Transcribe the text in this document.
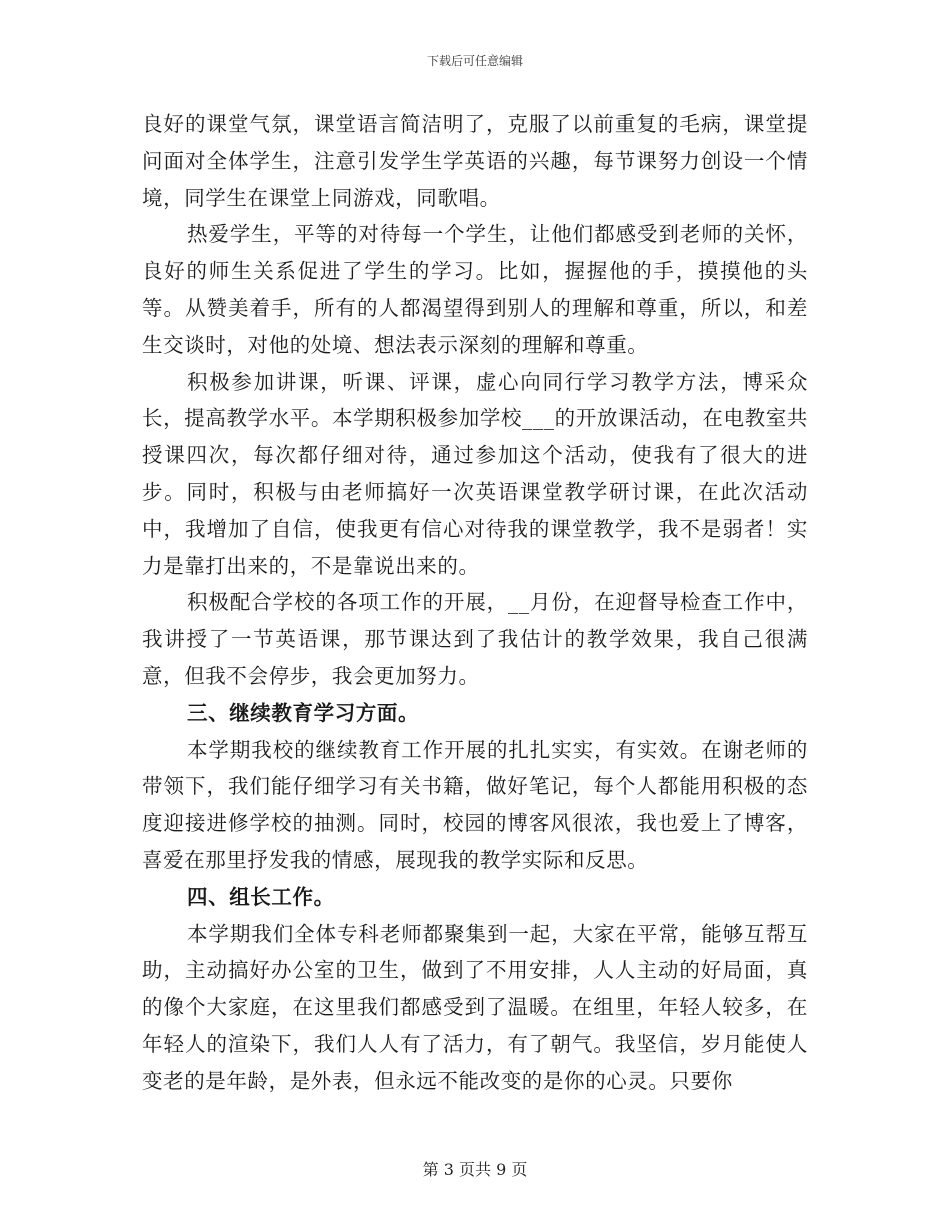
下载后可任意编辑

良好的课堂气氛，课堂语言简洁明了，克服了以前重复的毛病，课堂提问面对全体学生，注意引发学生学英语的兴趣，每节课努力创设一个情境，同学生在课堂上同游戏，同歌唱。

热爱学生，平等的对待每一个学生，让他们都感受到老师的关怀，良好的师生关系促进了学生的学习。比如，握握他的手，摸摸他的头等。从赞美着手，所有的人都渴望得到别人的理解和尊重，所以，和差生交谈时，对他的处境、想法表示深刻的理解和尊重。

积极参加讲课，听课、评课，虚心向同行学习教学方法，博采众长，提高教学水平。本学期积极参加学校___的开放课活动，在电教室共授课四次，每次都仔细对待，通过参加这个活动，使我有了很大的进步。同时，积极与由老师搞好一次英语课堂教学研讨课，在此次活动中，我增加了自信，使我更有信心对待我的课堂教学，我不是弱者！实力是靠打出来的，不是靠说出来的。

积极配合学校的各项工作的开展，__月份，在迎督导检查工作中，我讲授了一节英语课，那节课达到了我估计的教学效果，我自己很满意，但我不会停步，我会更加努力。

三、继续教育学习方面。

本学期我校的继续教育工作开展的扎扎实实，有实效。在谢老师的带领下，我们能仔细学习有关书籍，做好笔记，每个人都能用积极的态度迎接进修学校的抽测。同时，校园的博客风很浓，我也爱上了博客，喜爱在那里抒发我的情感，展现我的教学实际和反思。

四、组长工作。

本学期我们全体专科老师都聚集到一起，大家在平常，能够互帮互助，主动搞好办公室的卫生，做到了不用安排，人人主动的好局面，真的像个大家庭，在这里我们都感受到了温暖。在组里，年轻人较多，在年轻人的渲染下，我们人人有了活力，有了朝气。我坚信，岁月能使人变老的是年龄，是外表，但永远不能改变的是你的心灵。只要你

第 3 页共 9 页
